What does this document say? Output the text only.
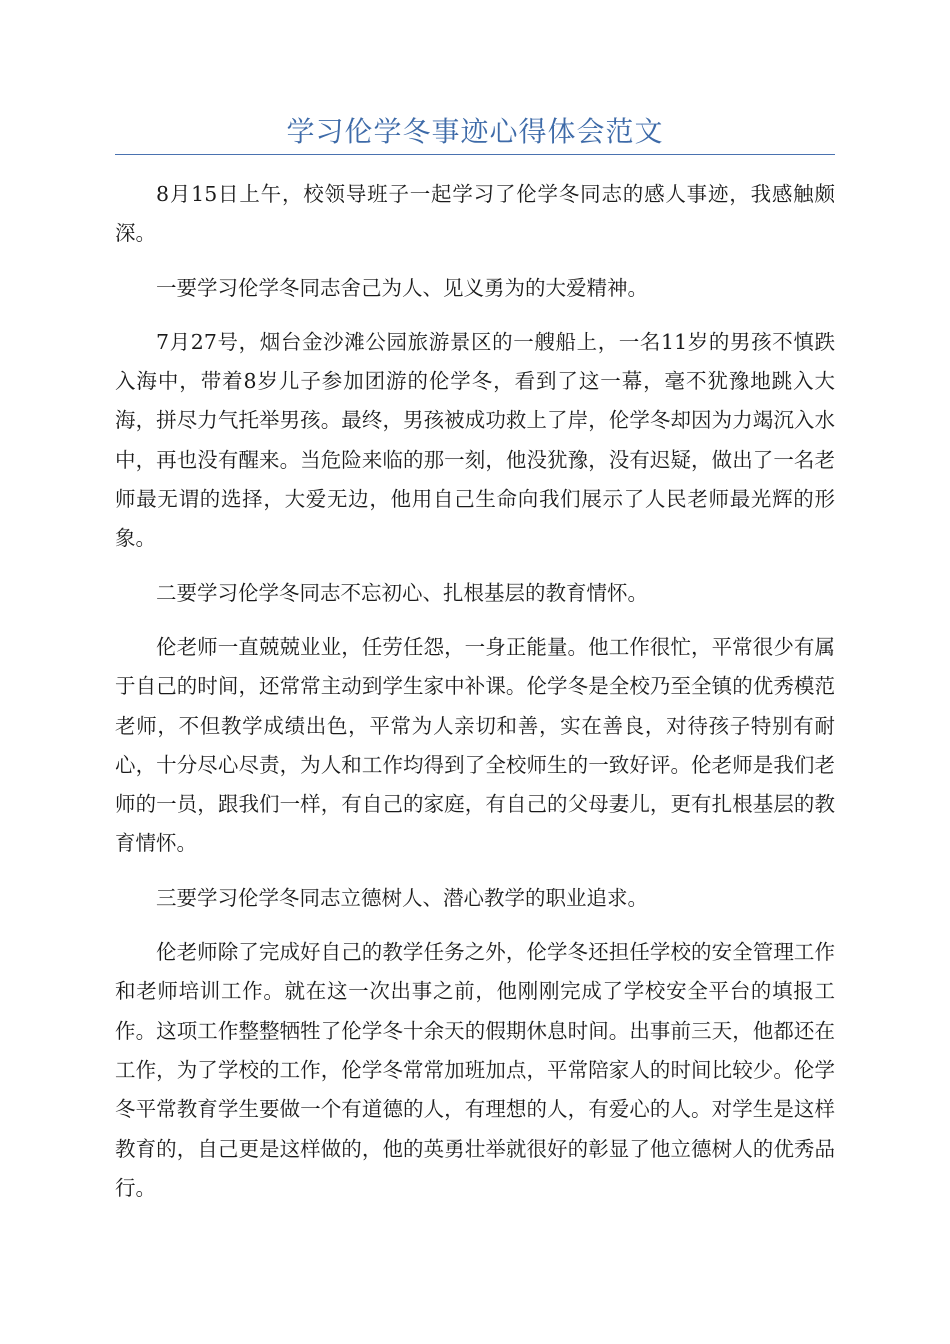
学习伦学冬事迹心得体会范文

8月15日上午，校领导班子一起学习了伦学冬同志的感人事迹，我感触颇深。

一要学习伦学冬同志舍己为人、见义勇为的大爱精神。

7月27号，烟台金沙滩公园旅游景区的一艘船上，一名11岁的男孩不慎跌入海中，带着8岁儿子参加团游的伦学冬，看到了这一幕，毫不犹豫地跳入大海，拼尽力气托举男孩。最终，男孩被成功救上了岸，伦学冬却因为力竭沉入水中，再也没有醒来。当危险来临的那一刻，他没犹豫，没有迟疑，做出了一名老师最无谓的选择，大爱无边，他用自己生命向我们展示了人民老师最光辉的形象。

二要学习伦学冬同志不忘初心、扎根基层的教育情怀。

伦老师一直兢兢业业，任劳任怨，一身正能量。他工作很忙，平常很少有属于自己的时间，还常常主动到学生家中补课。伦学冬是全校乃至全镇的优秀模范老师，不但教学成绩出色，平常为人亲切和善，实在善良，对待孩子特别有耐心，十分尽心尽责，为人和工作均得到了全校师生的一致好评。伦老师是我们老师的一员，跟我们一样，有自己的家庭，有自己的父母妻儿，更有扎根基层的教育情怀。

三要学习伦学冬同志立德树人、潜心教学的职业追求。

伦老师除了完成好自己的教学任务之外，伦学冬还担任学校的安全管理工作和老师培训工作。就在这一次出事之前，他刚刚完成了学校安全平台的填报工作。这项工作整整牺牲了伦学冬十余天的假期休息时间。出事前三天，他都还在工作，为了学校的工作，伦学冬常常加班加点，平常陪家人的时间比较少。伦学冬平常教育学生要做一个有道德的人，有理想的人，有爱心的人。对学生是这样教育的，自己更是这样做的，他的英勇壮举就很好的彰显了他立德树人的优秀品行。
